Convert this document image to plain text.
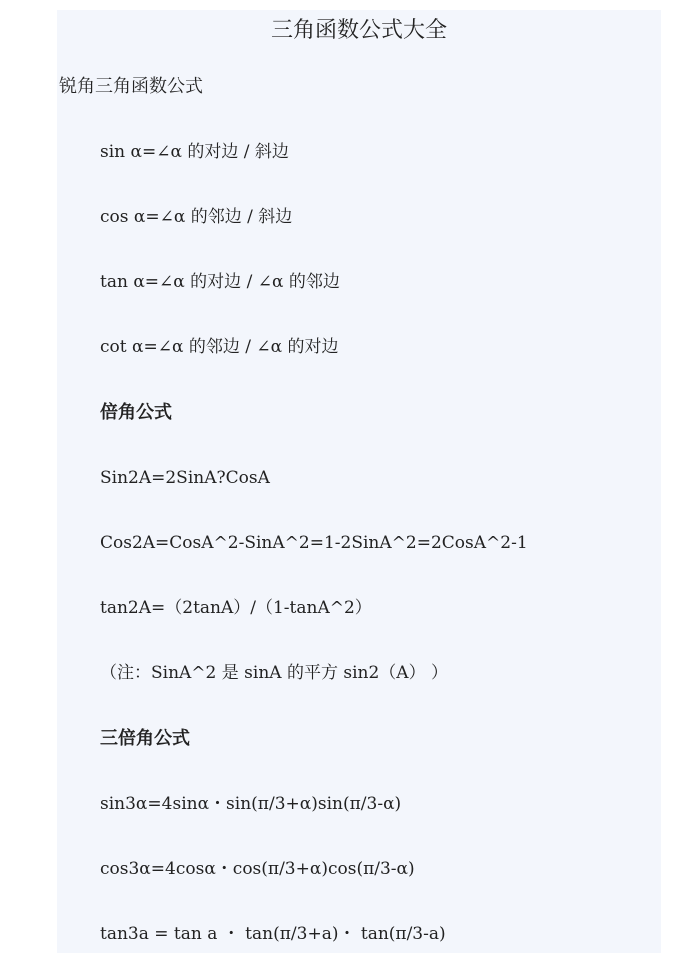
三角函数公式大全
锐角三角函数公式
sin α=∠α 的对边 / 斜边
cos α=∠α 的邻边 / 斜边
tan α=∠α 的对边 / ∠α 的邻边
cot α=∠α 的邻边 / ∠α 的对边
倍角公式
Sin2A=2SinA?CosA
Cos2A=CosA^2-SinA^2=1-2SinA^2=2CosA^2-1
tan2A=（2tanA）/（1-tanA^2）
（注：SinA^2 是 sinA 的平方 sin2（A） ）
三倍角公式
sin3α=4sinα・sin(π/3+α)sin(π/3-α)
cos3α=4cosα・cos(π/3+α)cos(π/3-α)
tan3a = tan a ・ tan(π/3+a)・ tan(π/3-a)
